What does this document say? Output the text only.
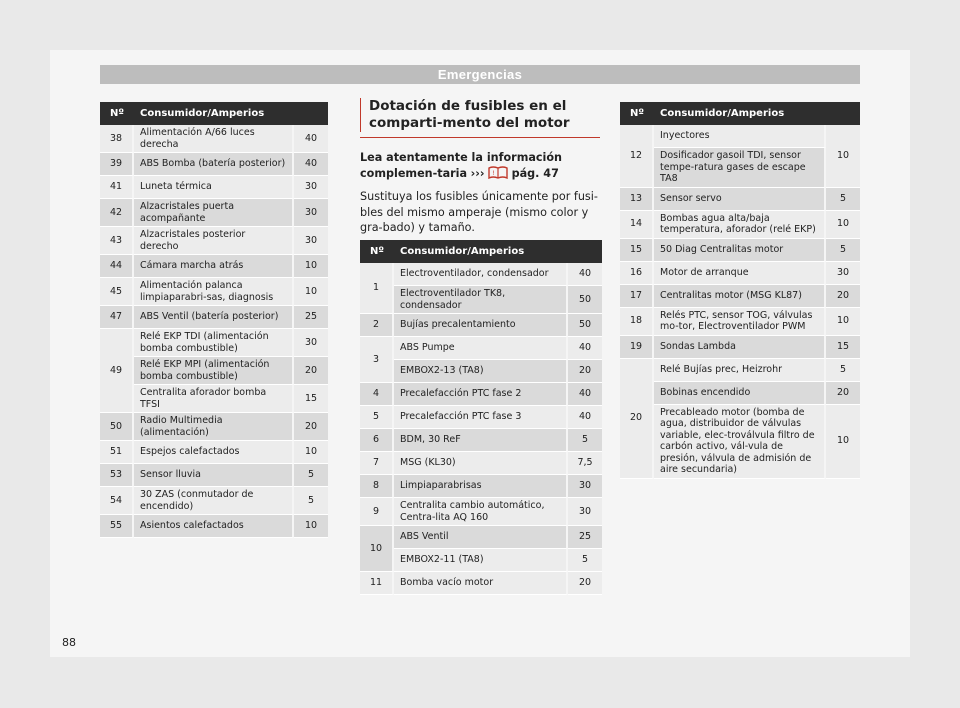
Emergencias
Nº	Consumidor/Amperios	
38	Alimentación A/66 luces derecha	40
39	ABS Bomba (batería posterior)	40
41	Luneta térmica	30
42	Alzacristales puerta acompañante	30
43	Alzacristales posterior derecho	30
44	Cámara marcha atrás	10
45	Alimentación palanca limpiaparabri-sas, diagnosis	10
47	ABS Ventil (batería posterior)	25
49	Relé EKP TDI (alimentación bomba combustible)	30
	Relé EKP MPI (alimentación bomba combustible)	20
	Centralita aforador bomba TFSI	15
50	Radio Multimedia (alimentación)	20
51	Espejos calefactados	10
53	Sensor lluvia	5
54	30 ZAS (conmutador de encendido)	5
55	Asientos calefactados	10
Dotación de fusibles en el comparti-mento del motor
Lea atentamente la información complemen-taria ››› ! pág. 47
Sustituya los fusibles únicamente por fusi-bles del mismo amperaje (mismo color y gra-bado) y tamaño.
Nº	Consumidor/Amperios	
1	Electroventilador, condensador	40
	Electroventilador TK8, condensador	50
2	Bujías precalentamiento	50
3	ABS Pumpe	40
	EMBOX2-13 (TA8)	20
4	Precalefacción PTC fase 2	40
5	Precalefacción PTC fase 3	40
6	BDM, 30 ReF	5
7	MSG (KL30)	7,5
8	Limpiaparabrisas	30
9	Centralita cambio automático, Centra-lita AQ 160	30
10	ABS Ventil	25
	EMBOX2-11 (TA8)	5
11	Bomba vacío motor	20
Nº	Consumidor/Amperios	
12	Inyectores	10
	Dosificador gasoil TDI, sensor tempe-ratura gases de escape TA8	
13	Sensor servo	5
14	Bombas agua alta/baja temperatura, aforador (relé EKP)	10
15	50 Diag Centralitas motor	5
16	Motor de arranque	30
17	Centralitas motor (MSG KL87)	20
18	Relés PTC, sensor TOG, válvulas mo-tor, Electroventilador PWM	10
19	Sondas Lambda	15
20	Relé Bujías prec, Heizrohr	5
	Bobinas encendido	20
	Precableado motor (bomba de agua, distribuidor de válvulas variable, elec-troválvula filtro de carbón activo, vál-vula de presión, válvula de admisión de aire secundaria)	10
88
